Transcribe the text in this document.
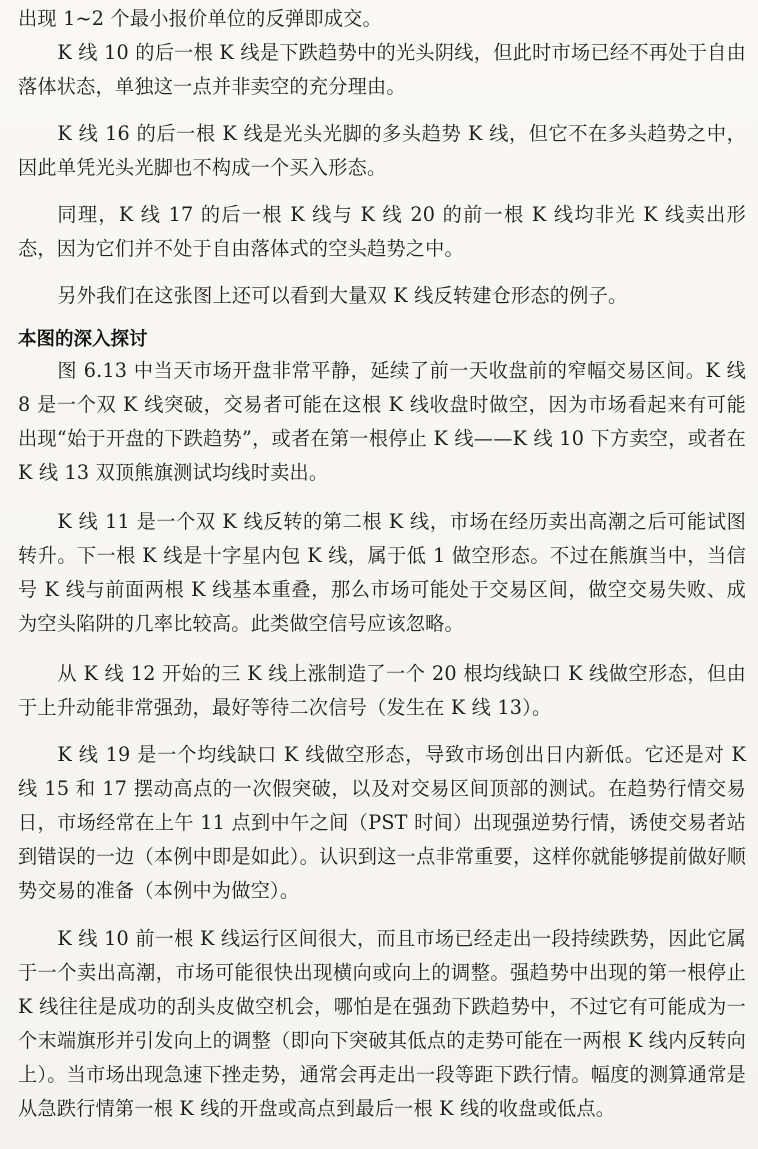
出现 1~2 个最小报价单位的反弹即成交。

K 线 10 的后一根 K 线是下跌趋势中的光头阴线，但此时市场已经不再处于自由落体状态，单独这一点并非卖空的充分理由。

K 线 16 的后一根 K 线是光头光脚的多头趋势 K 线，但它不在多头趋势之中，因此单凭光头光脚也不构成一个买入形态。

同理，K 线 17 的后一根 K 线与 K 线 20 的前一根 K 线均非光 K 线卖出形态，因为它们并不处于自由落体式的空头趋势之中。

另外我们在这张图上还可以看到大量双 K 线反转建仓形态的例子。

本图的深入探讨

图 6.13 中当天市场开盘非常平静，延续了前一天收盘前的窄幅交易区间。K 线 8 是一个双 K 线突破，交易者可能在这根 K 线收盘时做空，因为市场看起来有可能出现“始于开盘的下跌趋势”，或者在第一根停止 K 线——K 线 10 下方卖空，或者在 K 线 13 双顶熊旗测试均线时卖出。

K 线 11 是一个双 K 线反转的第二根 K 线，市场在经历卖出高潮之后可能试图转升。下一根 K 线是十字星内包 K 线，属于低 1 做空形态。不过在熊旗当中，当信号 K 线与前面两根 K 线基本重叠，那么市场可能处于交易区间，做空交易失败、成为空头陷阱的几率比较高。此类做空信号应该忽略。

从 K 线 12 开始的三 K 线上涨制造了一个 20 根均线缺口 K 线做空形态，但由于上升动能非常强劲，最好等待二次信号（发生在 K 线 13）。

K 线 19 是一个均线缺口 K 线做空形态，导致市场创出日内新低。它还是对 K 线 15 和 17 摆动高点的一次假突破，以及对交易区间顶部的测试。在趋势行情交易日，市场经常在上午 11 点到中午之间（PST 时间）出现强逆势行情，诱使交易者站到错误的一边（本例中即是如此）。认识到这一点非常重要，这样你就能够提前做好顺势交易的准备（本例中为做空）。

K 线 10 前一根 K 线运行区间很大，而且市场已经走出一段持续跌势，因此它属于一个卖出高潮，市场可能很快出现横向或向上的调整。强趋势中出现的第一根停止 K 线往往是成功的刮头皮做空机会，哪怕是在强劲下跌趋势中，不过它有可能成为一个末端旗形并引发向上的调整（即向下突破其低点的走势可能在一两根 K 线内反转向上）。当市场出现急速下挫走势，通常会再走出一段等距下跌行情。幅度的测算通常是从急跌行情第一根 K 线的开盘或高点到最后一根 K 线的收盘或低点。
